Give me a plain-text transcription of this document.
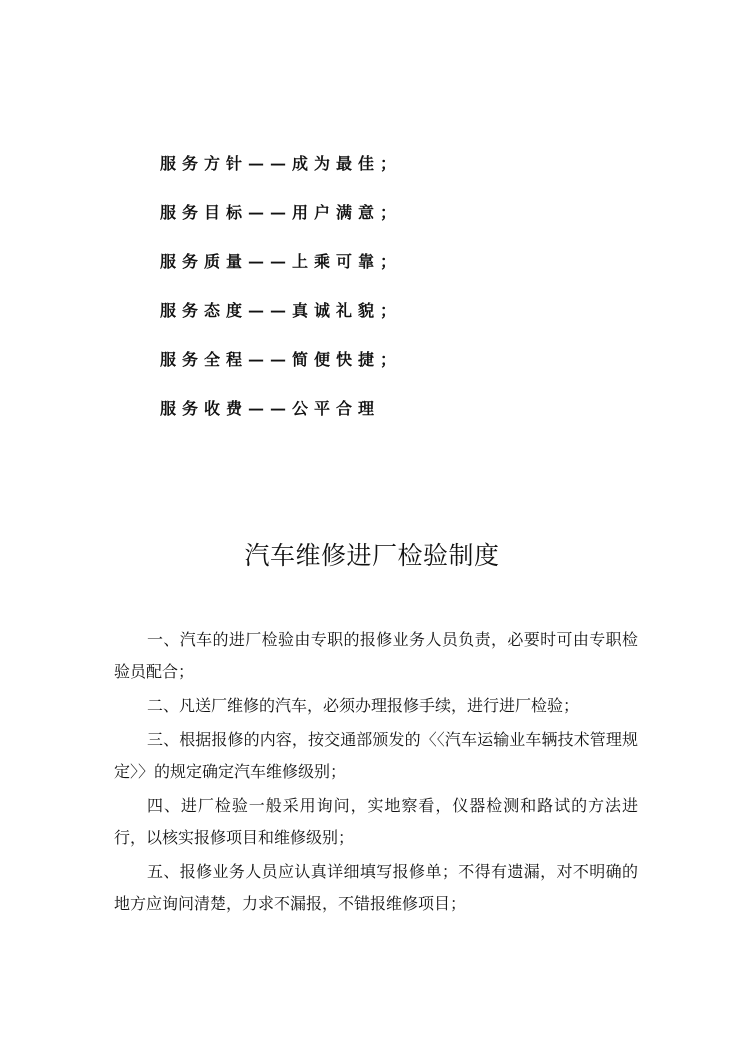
服务方针——成为最佳；
服务目标——用户满意；
服务质量——上乘可靠；
服务态度——真诚礼貌；
服务全程——简便快捷；
服务收费——公平合理
汽车维修进厂检验制度

一、汽车的进厂检验由专职的报修业务人员负责，必要时可由专职检验员配合；

二、凡送厂维修的汽车，必须办理报修手续，进行进厂检验；

三、根据报修的内容，按交通部颁发的〈〈汽车运输业车辆技术管理规定〉〉的规定确定汽车维修级别；

四、进厂检验一般采用询问，实地察看，仪器检测和路试的方法进行，以核实报修项目和维修级别；

五、报修业务人员应认真详细填写报修单；不得有遗漏，对不明确的地方应询问清楚，力求不漏报，不错报维修项目；
